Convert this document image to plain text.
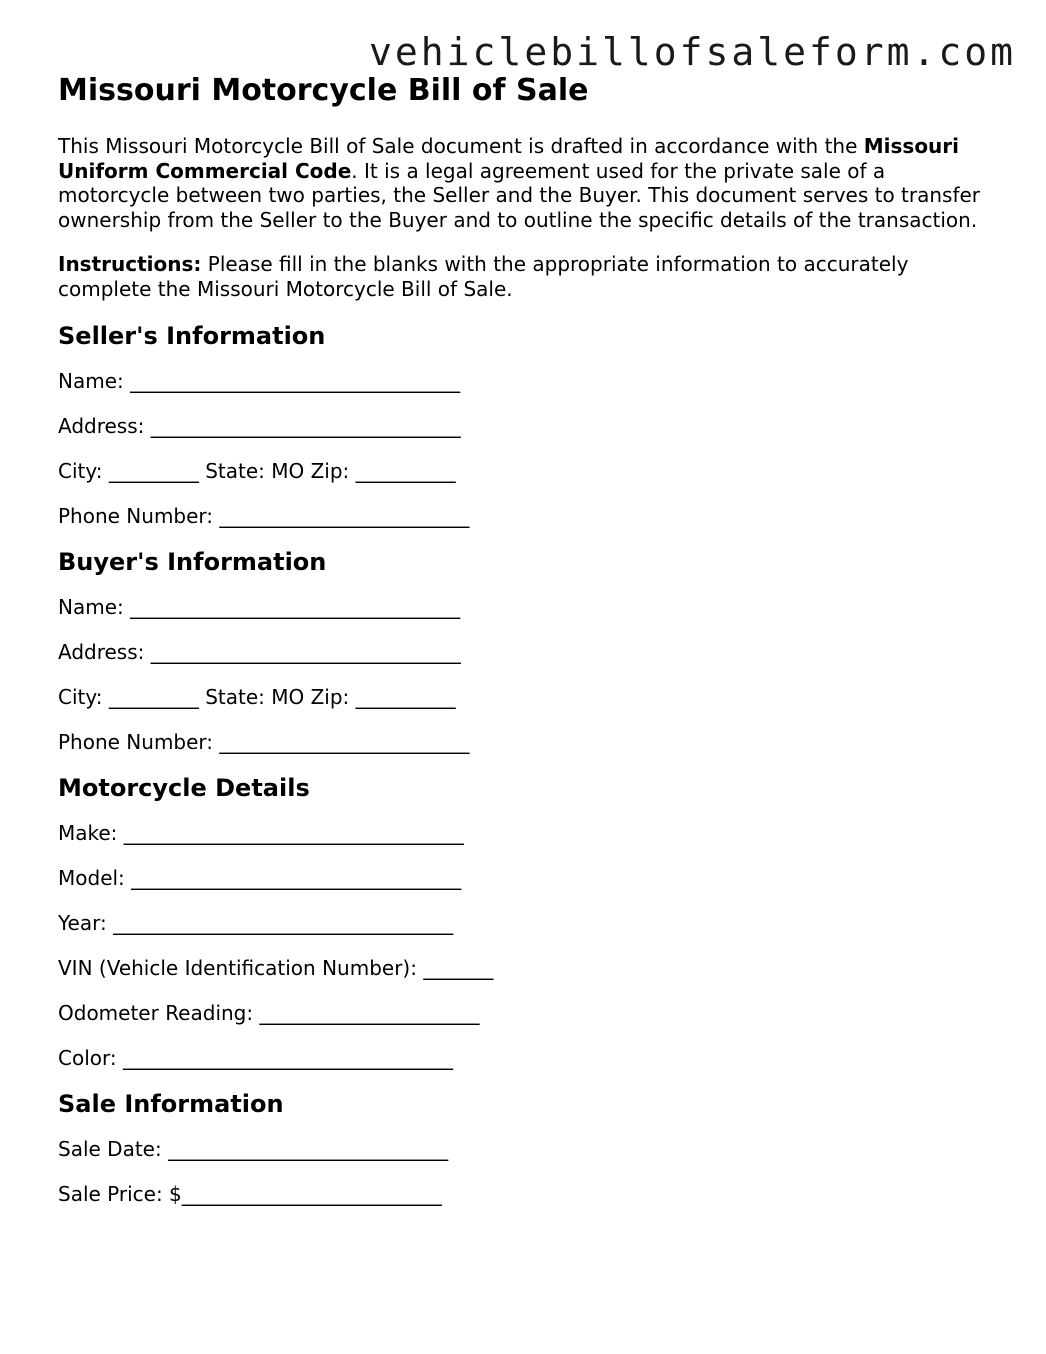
vehiclebillofsaleform.com
Missouri Motorcycle Bill of Sale

This Missouri Motorcycle Bill of Sale document is drafted in accordance with the Missouri Uniform Commercial Code. It is a legal agreement used for the private sale of a motorcycle between two parties, the Seller and the Buyer. This document serves to transfer ownership from the Seller to the Buyer and to outline the specific details of the transaction.

Instructions: Please fill in the blanks with the appropriate information to accurately complete the Missouri Motorcycle Bill of Sale.

Seller's Information
Name: _________________________________
Address: _______________________________
City: _________ State: MO Zip: __________
Phone Number: _________________________
Buyer's Information
Name: _________________________________
Address: _______________________________
City: _________ State: MO Zip: __________
Phone Number: _________________________
Motorcycle Details
Make: __________________________________
Model: _________________________________
Year: __________________________________
VIN (Vehicle Identification Number): _______
Odometer Reading: ______________________
Color: _________________________________
Sale Information
Sale Date: ____________________________
Sale Price: $__________________________
